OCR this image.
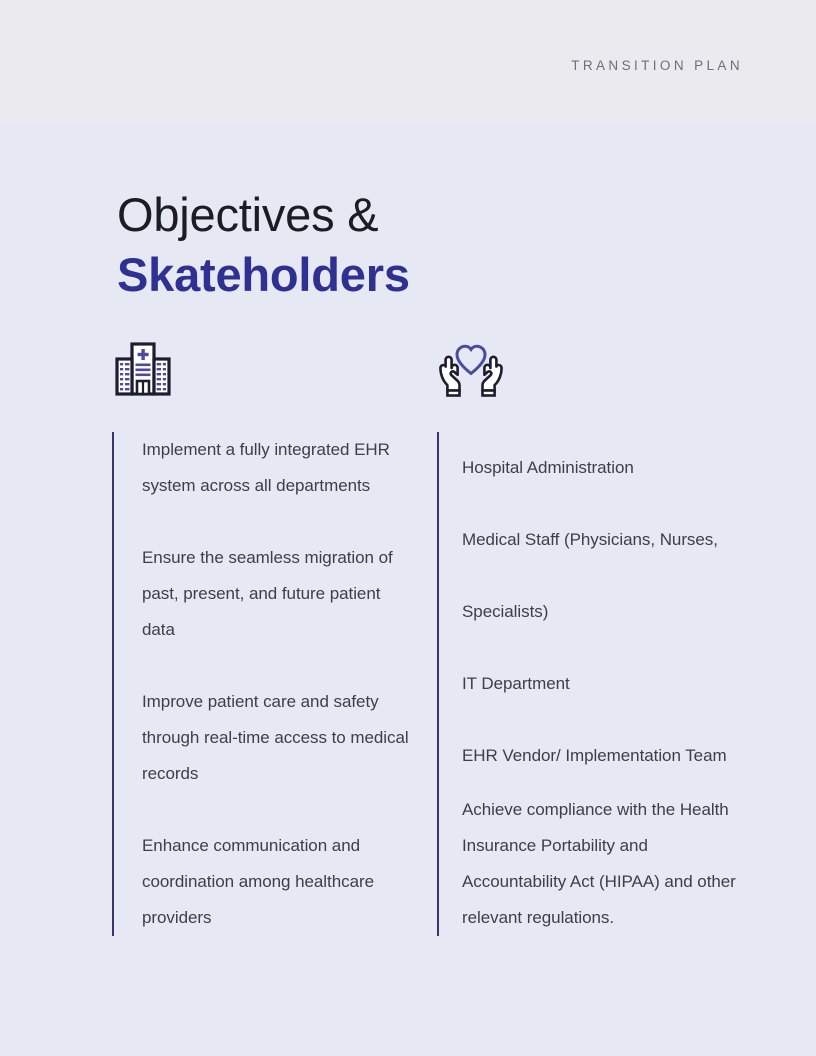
TRANSITION PLAN
Objectives &
Skateholders
Implement a fully integrated EHR system across all departments
Ensure the seamless migration of past, present, and future patient data
Improve patient care and safety through real-time access to medical records
Enhance communication and coordination among healthcare providers
Hospital Administration
Medical Staff (Physicians, Nurses, Specialists)
IT Department
EHR Vendor/ Implementation Team
Achieve compliance with the Health Insurance Portability and Accountability Act (HIPAA) and other relevant regulations.
